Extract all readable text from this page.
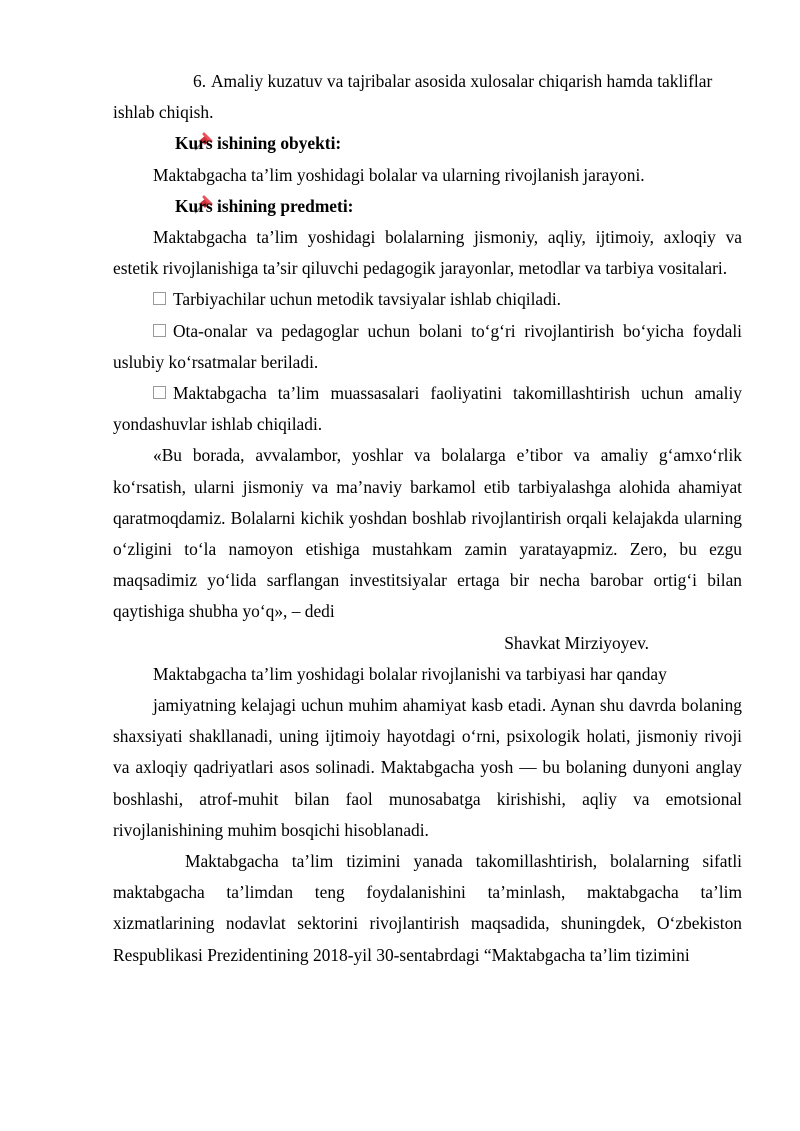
6. Amaliy kuzatuv va tajribalar asosida xulosalar chiqarish hamda takliflar

ishlab chiqish.

Kurs ishining obyekti:

Maktabgacha ta’lim yoshidagi bolalar va ularning rivojlanish jarayoni.

Kurs ishining predmeti:

Maktabgacha ta’lim yoshidagi bolalarning jismoniy, aqliy, ijtimoiy, axloqiy va estetik rivojlanishiga ta’sir qiluvchi pedagogik jarayonlar, metodlar va tarbiya vositalari.

Tarbiyachilar uchun metodik tavsiyalar ishlab chiqiladi.

Ota-onalar va pedagoglar uchun bolani to‘g‘ri rivojlantirish bo‘yicha foydali uslubiy ko‘rsatmalar beriladi.

Maktabgacha ta’lim muassasalari faoliyatini takomillashtirish uchun amaliy yondashuvlar ishlab chiqiladi.

«Bu borada, avvalambor, yoshlar va bolalarga e’tibor va amaliy g‘amxo‘rlik ko‘rsatish, ularni jismoniy va ma’naviy barkamol etib tarbiyalashga alohida ahamiyat qaratmoqdamiz. Bolalarni kichik yoshdan boshlab rivojlantirish orqali kelajakda ularning o‘zligini to‘la namoyon etishiga mustahkam zamin yaratayapmiz. Zero, bu ezgu maqsadimiz yo‘lida sarflangan investitsiyalar ertaga bir necha barobar ortig‘i bilan qaytishiga shubha yo‘q», – dedi

Shavkat Mirziyoyev.

Maktabgacha ta’lim yoshidagi bolalar rivojlanishi va tarbiyasi har qanday

jamiyatning kelajagi uchun muhim ahamiyat kasb etadi. Aynan shu davrda bolaning shaxsiyati shakllanadi, uning ijtimoiy hayotdagi o‘rni, psixologik holati, jismoniy rivoji va axloqiy qadriyatlari asos solinadi. Maktabgacha yosh — bu bolaning dunyoni anglay boshlashi, atrof-muhit bilan faol munosabatga kirishishi, aqliy va emotsional rivojlanishining muhim bosqichi hisoblanadi.

Maktabgacha ta’lim tizimini yanada takomillashtirish, bolalarning sifatli maktabgacha ta’limdan teng foydalanishini ta’minlash, maktabgacha ta’lim xizmatlarining nodavlat sektorini rivojlantirish maqsadida, shuningdek, O‘zbekiston Respublikasi Prezidentining 2018-yil 30-sentabrdagi “Maktabgacha ta’lim tizimini
